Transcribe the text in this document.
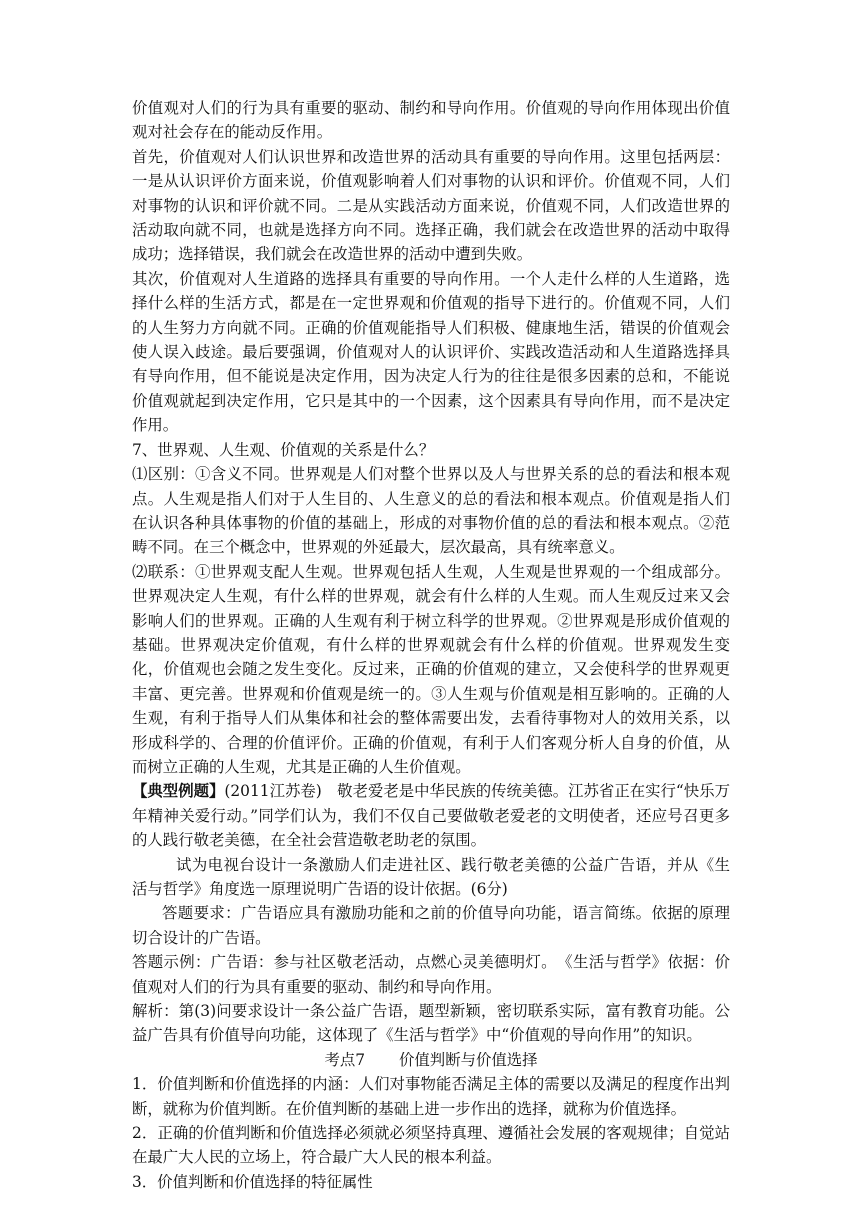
价值观对人们的行为具有重要的驱动、制约和导向作用。价值观的导向作用体现出价值观对社会存在的能动反作用。

首先，价值观对人们认识世界和改造世界的活动具有重要的导向作用。这里包括两层：一是从认识评价方面来说，价值观影响着人们对事物的认识和评价。价值观不同，人们对事物的认识和评价就不同。二是从实践活动方面来说，价值观不同，人们改造世界的活动取向就不同，也就是选择方向不同。选择正确，我们就会在改造世界的活动中取得成功；选择错误，我们就会在改造世界的活动中遭到失败。

其次，价值观对人生道路的选择具有重要的导向作用。一个人走什么样的人生道路，选择什么样的生活方式，都是在一定世界观和价值观的指导下进行的。价值观不同，人们的人生努力方向就不同。正确的价值观能指导人们积极、健康地生活，错误的价值观会使人误入歧途。最后要强调，价值观对人的认识评价、实践改造活动和人生道路选择具有导向作用，但不能说是决定作用，因为决定人行为的往往是很多因素的总和，不能说价值观就起到决定作用，它只是其中的一个因素，这个因素具有导向作用，而不是决定作用。

7、世界观、人生观、价值观的关系是什么？

⑴区别：①含义不同。世界观是人们对整个世界以及人与世界关系的总的看法和根本观点。人生观是指人们对于人生目的、人生意义的总的看法和根本观点。价值观是指人们在认识各种具体事物的价值的基础上，形成的对事物价值的总的看法和根本观点。②范畴不同。在三个概念中，世界观的外延最大，层次最高，具有统率意义。

⑵联系：①世界观支配人生观。世界观包括人生观，人生观是世界观的一个组成部分。世界观决定人生观，有什么样的世界观，就会有什么样的人生观。而人生观反过来又会影响人们的世界观。正确的人生观有利于树立科学的世界观。②世界观是形成价值观的基础。世界观决定价值观，有什么样的世界观就会有什么样的价值观。世界观发生变化，价值观也会随之发生变化。反过来，正确的价值观的建立，又会使科学的世界观更丰富、更完善。世界观和价值观是统一的。③人生观与价值观是相互影响的。正确的人生观，有利于指导人们从集体和社会的整体需要出发，去看待事物对人的效用关系，以形成科学的、合理的价值评价。正确的价值观，有利于人们客观分析人自身的价值，从而树立正确的人生观，尤其是正确的人生价值观。

【典型例题】(2011江苏卷)　敬老爱老是中华民族的传统美德。江苏省正在实行“快乐万年精神关爱行动。”同学们认为，我们不仅自己要做敬老爱老的文明使者，还应号召更多的人践行敬老美德，在全社会营造敬老助老的氛围。

试为电视台设计一条激励人们走进社区、践行敬老美德的公益广告语，并从《生活与哲学》角度选一原理说明广告语的设计依据。(6分)

答题要求：广告语应具有激励功能和之前的价值导向功能，语言简练。依据的原理切合设计的广告语。

答题示例：广告语：参与社区敬老活动，点燃心灵美德明灯。　《生活与哲学》依据：价值观对人们的行为具有重要的驱动、制约和导向作用。

解析：第(3)问要求设计一条公益广告语，题型新颖，密切联系实际，富有教育功能。公益广告具有价值导向功能，这体现了《生活与哲学》中“价值观的导向作用”的知识。

考点7 价值判断与价值选择

1．价值判断和价值选择的内涵：人们对事物能否满足主体的需要以及满足的程度作出判断，就称为价值判断。在价值判断的基础上进一步作出的选择，就称为价值选择。

2．正确的价值判断和价值选择必须就必须坚持真理、遵循社会发展的客观规律；自觉站在最广大人民的立场上，符合最广大人民的根本利益。

3．价值判断和价值选择的特征属性
